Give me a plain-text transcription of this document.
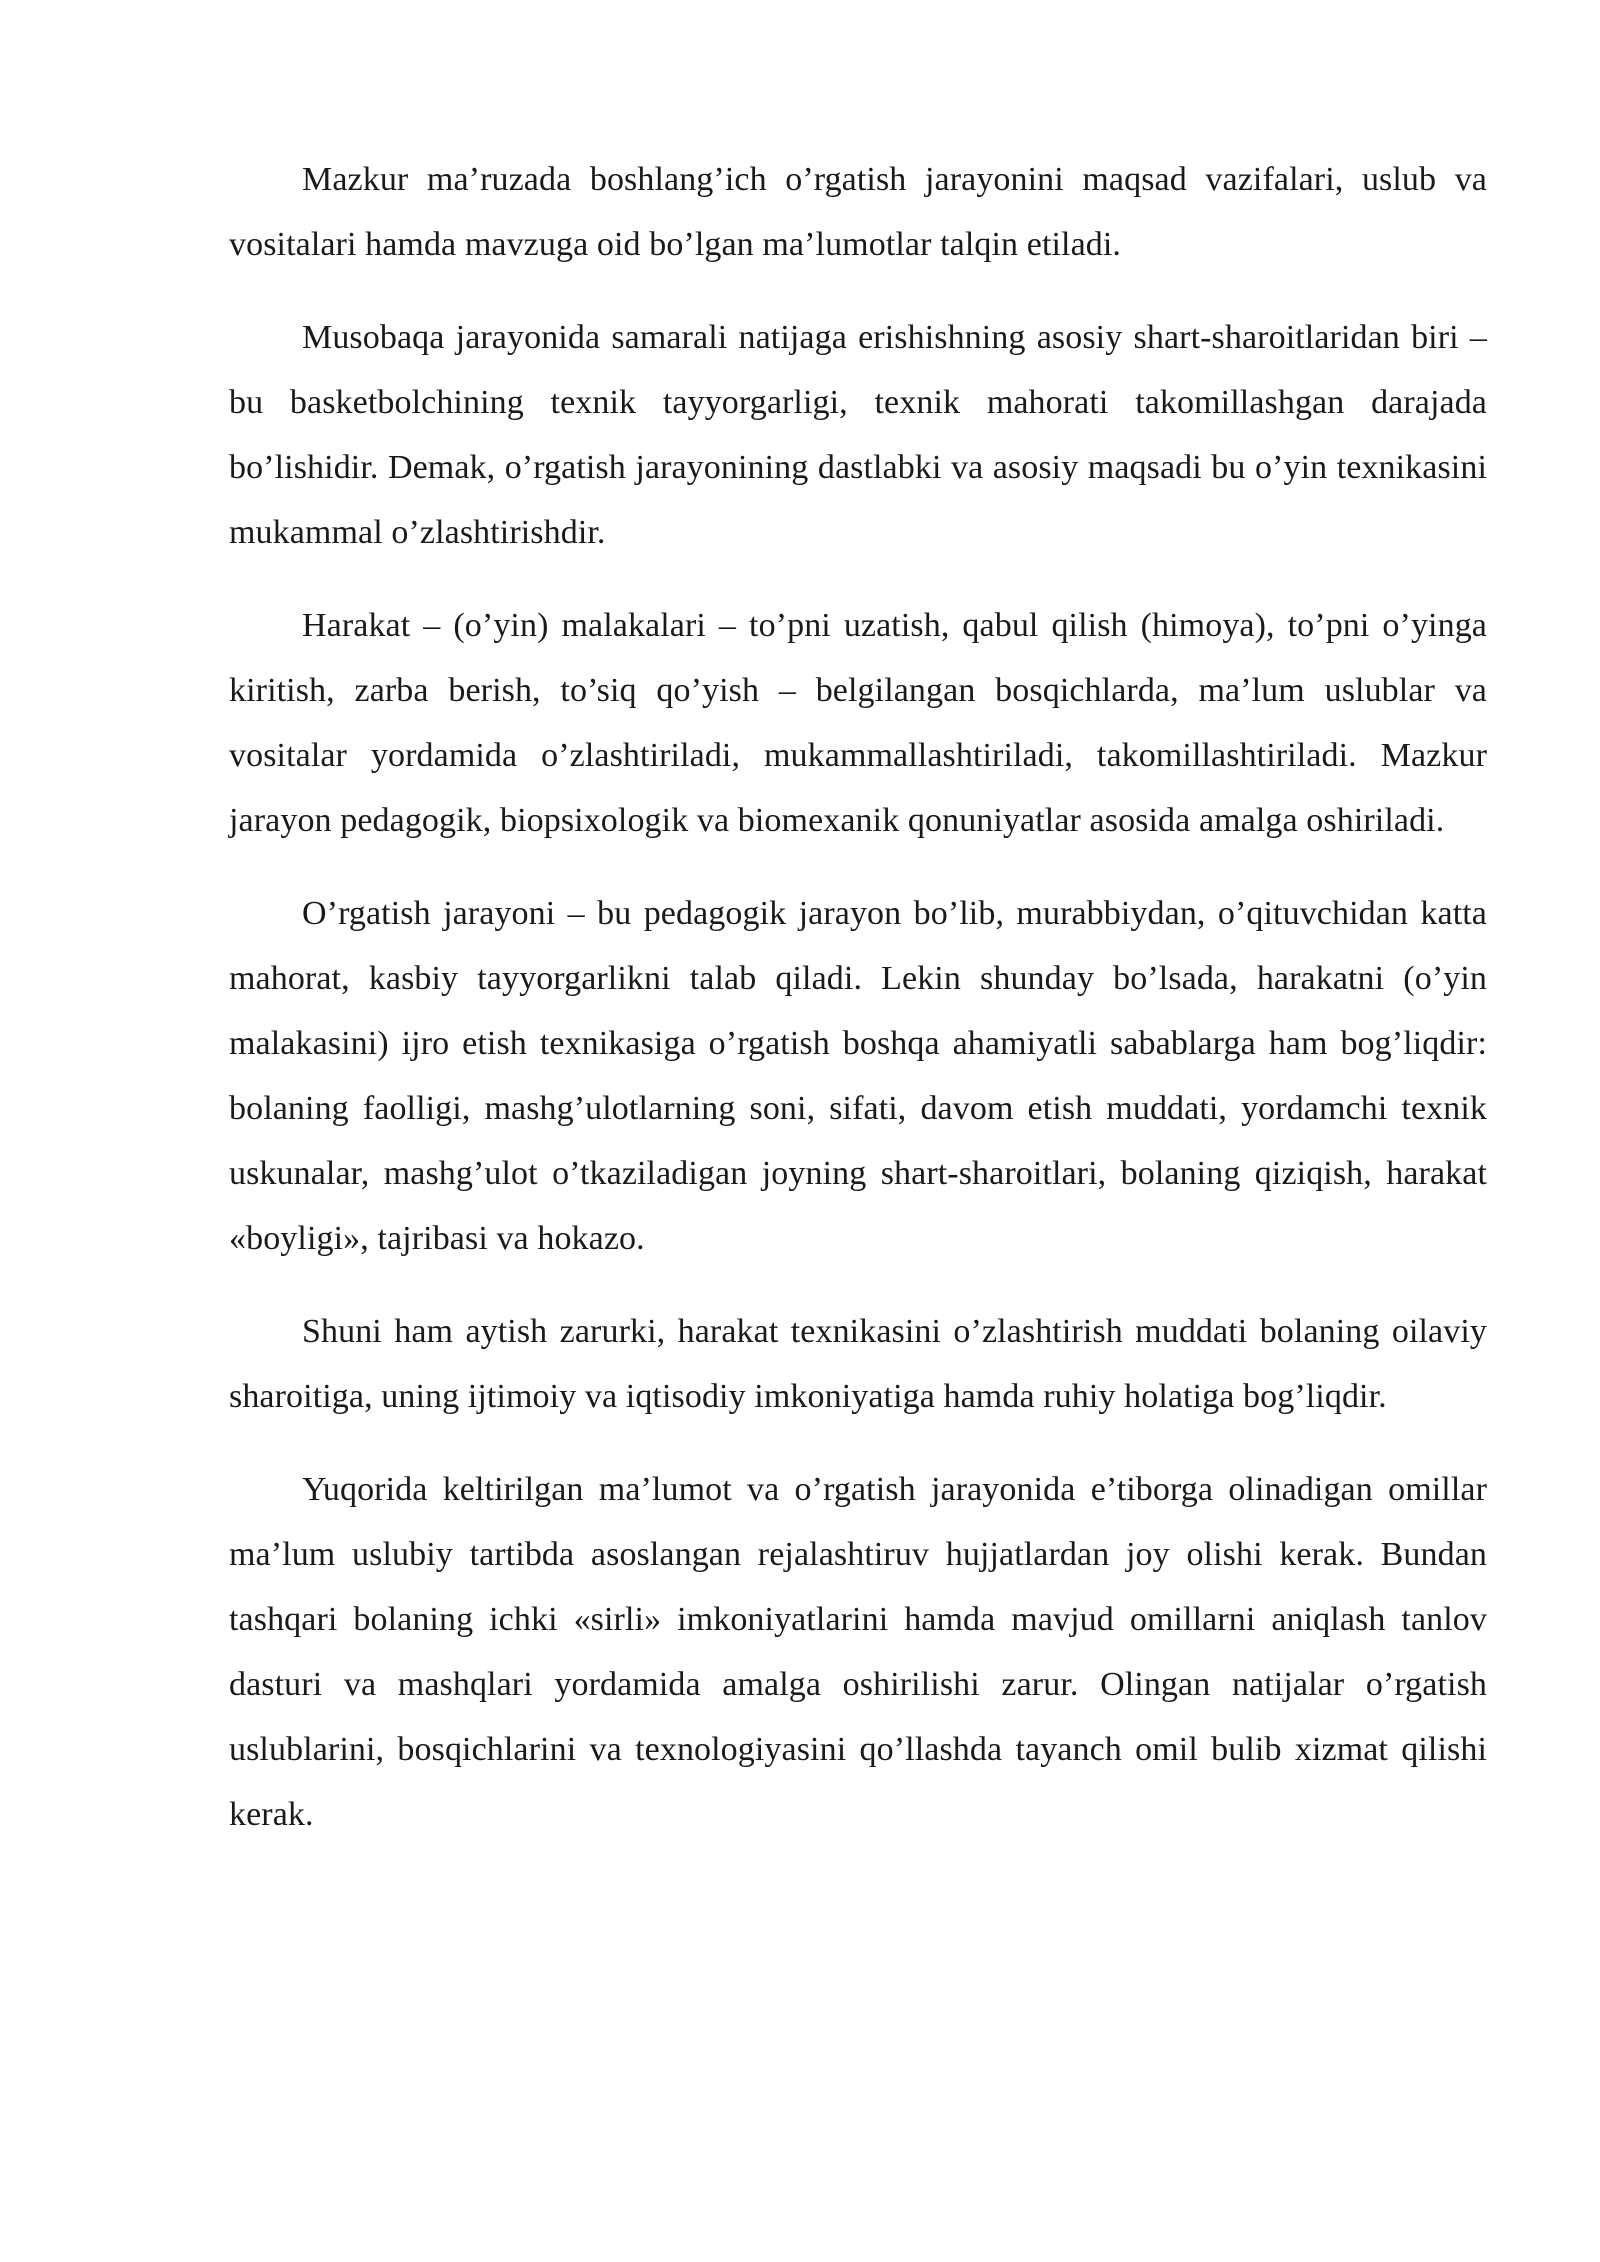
Mazkur ma’ruzada boshlang’ich o’rgatish jarayonini maqsad vazifalari, uslub va vositalari hamda mavzuga oid bo’lgan ma’lumotlar talqin etiladi.

Musobaqa jarayonida samarali natijaga erishishning asosiy shart-sharoitlaridan biri – bu basketbolchining texnik tayyorgarligi, texnik mahorati takomillashgan darajada bo’lishidir. Demak, o’rgatish jarayonining dastlabki va asosiy maqsadi bu o’yin texnikasini mukammal o’zlashtirishdir.

Harakat – (o’yin) malakalari – to’pni uzatish, qabul qilish (himoya), to’pni o’yinga kiritish, zarba berish, to’siq qo’yish – belgilangan bosqichlarda, ma’lum uslublar va vositalar yordamida o’zlashtiriladi, mukammallashtiriladi, takomillashtiriladi. Mazkur jarayon pedagogik, biopsixologik va biomexanik qonuniyatlar asosida amalga oshiriladi.

O’rgatish jarayoni – bu pedagogik jarayon bo’lib, murabbiydan, o’qituvchidan katta mahorat, kasbiy tayyorgarlikni talab qiladi. Lekin shunday bo’lsada, harakatni (o’yin malakasini) ijro etish texnikasiga o’rgatish boshqa ahamiyatli sabablarga ham bog’liqdir: bolaning faolligi, mashg’ulotlarning soni, sifati, davom etish muddati, yordamchi texnik uskunalar, mashg’ulot o’tkaziladigan joyning shart-sharoitlari, bolaning qiziqish, harakat «boyligi», tajribasi va hokazo.

Shuni ham aytish zarurki, harakat texnikasini o’zlashtirish muddati bolaning oilaviy sharoitiga, uning ijtimoiy va iqtisodiy imkoniyatiga hamda ruhiy holatiga bog’liqdir.

Yuqorida keltirilgan ma’lumot va o’rgatish jarayonida e’tiborga olinadigan omillar ma’lum uslubiy tartibda asoslangan rejalashtiruv hujjatlardan joy olishi kerak. Bundan tashqari bolaning ichki «sirli» imkoniyatlarini hamda mavjud omillarni aniqlash tanlov dasturi va mashqlari yordamida amalga oshirilishi zarur. Olingan natijalar o’rgatish uslublarini, bosqichlarini va texnologiyasini qo’llashda tayanch omil bulib xizmat qilishi kerak.
